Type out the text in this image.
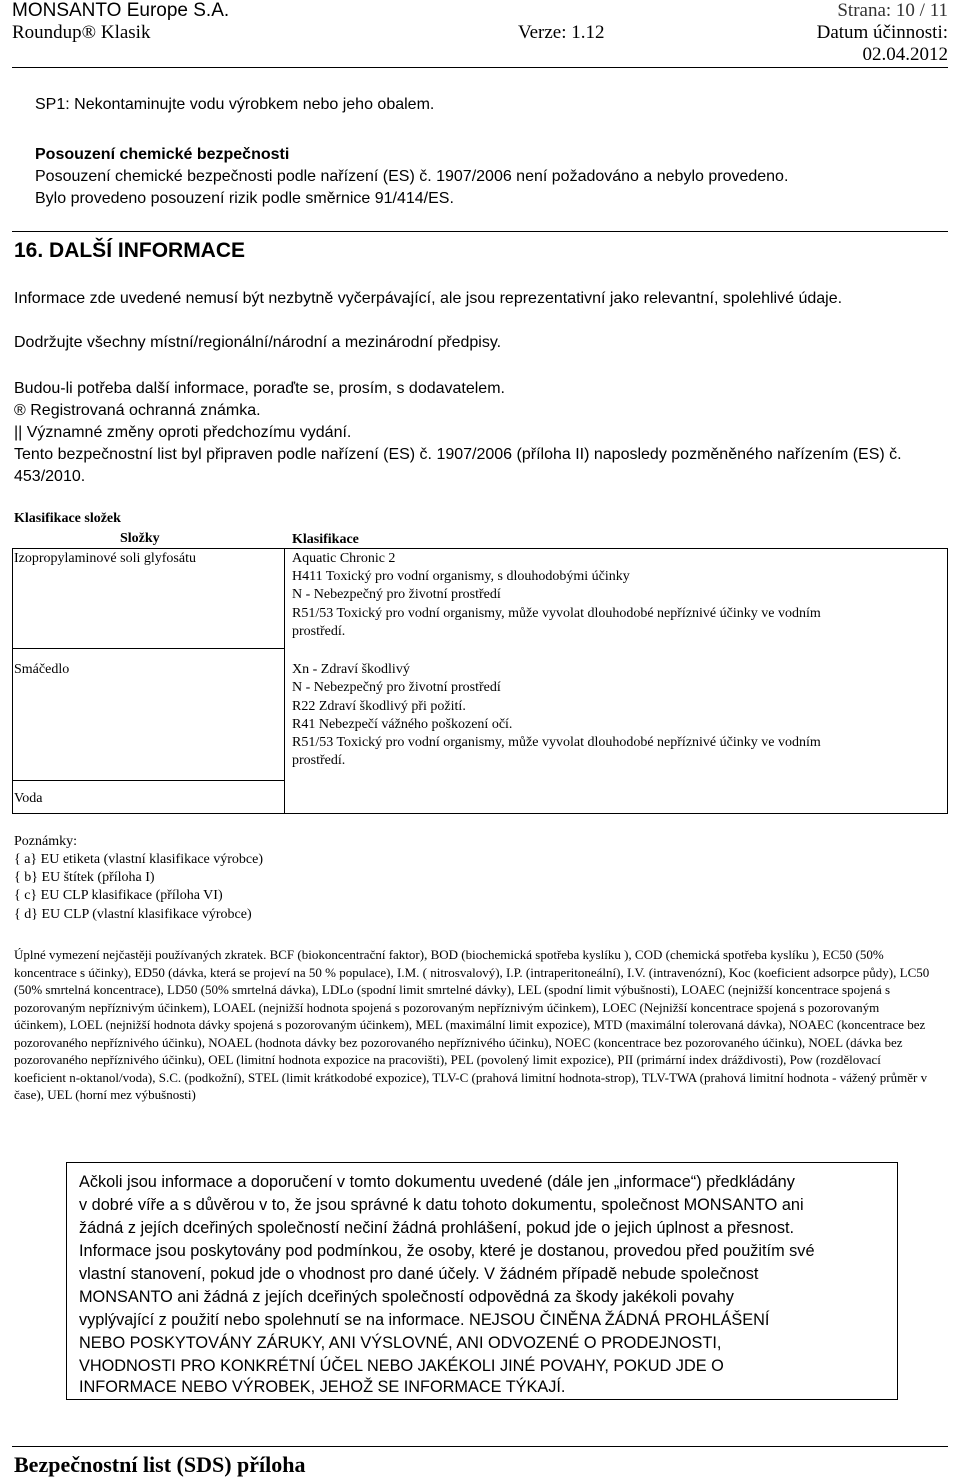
MONSANTO Europe S.A.	Strana: 10 / 11
Roundup® Klasik	Verze: 1.12	Datum účinnosti:
02.04.2012
SP1: Nekontaminujte vodu výrobkem nebo jeho obalem.
Posouzení chemické bezpečnosti
Posouzení chemické bezpečnosti podle nařízení (ES) č. 1907/2006 není požadováno a nebylo provedeno.
Bylo provedeno posouzení rizik podle směrnice 91/414/ES.
16. DALŠÍ INFORMACE
Informace zde uvedené nemusí být nezbytně vyčerpávající, ale jsou reprezentativní jako relevantní, spolehlivé údaje.
Dodržujte všechny místní/regionální/národní a mezinárodní předpisy.
Budou-li potřeba další informace, poraďte se, prosím, s dodavatelem.
® Registrovaná ochranná známka.
|| Významné změny oproti předchozímu vydání.
Tento bezpečnostní list byl připraven podle nařízení (ES) č. 1907/2006 (příloha II) naposledy pozměněného nařízením (ES) č. 453/2010.
Klasifikace složek
Složky	Klasifikace
Izopropylaminové soli glyfosátu	Aquatic Chronic 2
H411 Toxický pro vodní organismy, s dlouhodobými účinky
N - Nebezpečný pro životní prostředí
R51/53 Toxický pro vodní organismy, může vyvolat dlouhodobé nepříznivé účinky ve vodním
prostředí.
Smáčedlo	Xn - Zdraví škodlivý
N - Nebezpečný pro životní prostředí
R22 Zdraví škodlivý při požití.
R41 Nebezpečí vážného poškození očí.
R51/53 Toxický pro vodní organismy, může vyvolat dlouhodobé nepříznivé účinky ve vodním
prostředí.
Voda
Poznámky:
{ a} EU etiketa (vlastní klasifikace výrobce)
{ b} EU štítek (příloha I)
{ c} EU CLP klasifikace (příloha VI)
{ d} EU CLP (vlastní klasifikace výrobce)
Úplné vymezení nejčastěji používaných zkratek. BCF (biokoncentrační faktor), BOD (biochemická spotřeba kyslíku ), COD (chemická spotřeba kyslíku ), EC50 (50% koncentrace s účinky), ED50 (dávka, která se projeví na 50 % populace), I.M. ( nitrosvalový), I.P. (intraperitoneální), I.V. (intravenózní), Koc (koeficient adsorpce půdy), LC50 (50% smrtelná koncentrace), LD50 (50% smrtelná dávka), LDLo (spodní limit smrtelné dávky), LEL (spodní limit výbušnosti), LOAEC (nejnižší koncentrace spojená s pozorovaným nepříznivým účinkem), LOAEL (nejnižší hodnota spojená s pozorovaným nepříznivým účinkem), LOEC (Nejnižší koncentrace spojená s pozorovaným účinkem), LOEL (nejnižší hodnota dávky spojená s pozorovaným účinkem), MEL (maximální limit expozice), MTD (maximální tolerovaná dávka), NOAEC (koncentrace bez pozorovaného nepříznivého účinku), NOAEL (hodnota dávky bez pozorovaného nepříznivého účinku), NOEC (koncentrace bez pozorovaného účinku), NOEL (dávka bez pozorovaného nepříznivého účinku), OEL (limitní hodnota expozice na pracovišti), PEL (povolený limit expozice), PII (primární index dráždivosti), Pow (rozdělovací koeficient n-oktanol/voda), S.C. (podkožní), STEL (limit krátkodobé expozice), TLV-C (prahová limitní hodnota-strop), TLV-TWA (prahová limitní hodnota - vážený průměr v čase), UEL (horní mez výbušnosti)
Ačkoli jsou informace a doporučení v tomto dokumentu uvedené (dále jen „informace“) předkládány
v dobré víře a s důvěrou v to, že jsou správné k datu tohoto dokumentu, společnost MONSANTO ani
žádná z jejích dceřiných společností nečiní žádná prohlášení, pokud jde o jejich úplnost a přesnost.
Informace jsou poskytovány pod podmínkou, že osoby, které je dostanou, provedou před použitím své
vlastní stanovení, pokud jde o vhodnost pro dané účely. V žádném případě nebude společnost
MONSANTO ani žádná z jejích dceřiných společností odpovědná za škody jakékoli povahy
vyplývající z použití nebo spolehnutí se na informace. NEJSOU ČINĚNA ŽÁDNÁ PROHLÁŠENÍ
NEBO POSKYTOVÁNY ZÁRUKY, ANI VÝSLOVNÉ, ANI ODVOZENÉ O PRODEJNOSTI,
VHODNOSTI PRO KONKRÉTNÍ ÚČEL NEBO JAKÉKOLI JINÉ POVAHY, POKUD JDE O
INFORMACE NEBO VÝROBEK, JEHOŽ SE INFORMACE TÝKAJÍ.
Bezpečnostní list (SDS) příloha
